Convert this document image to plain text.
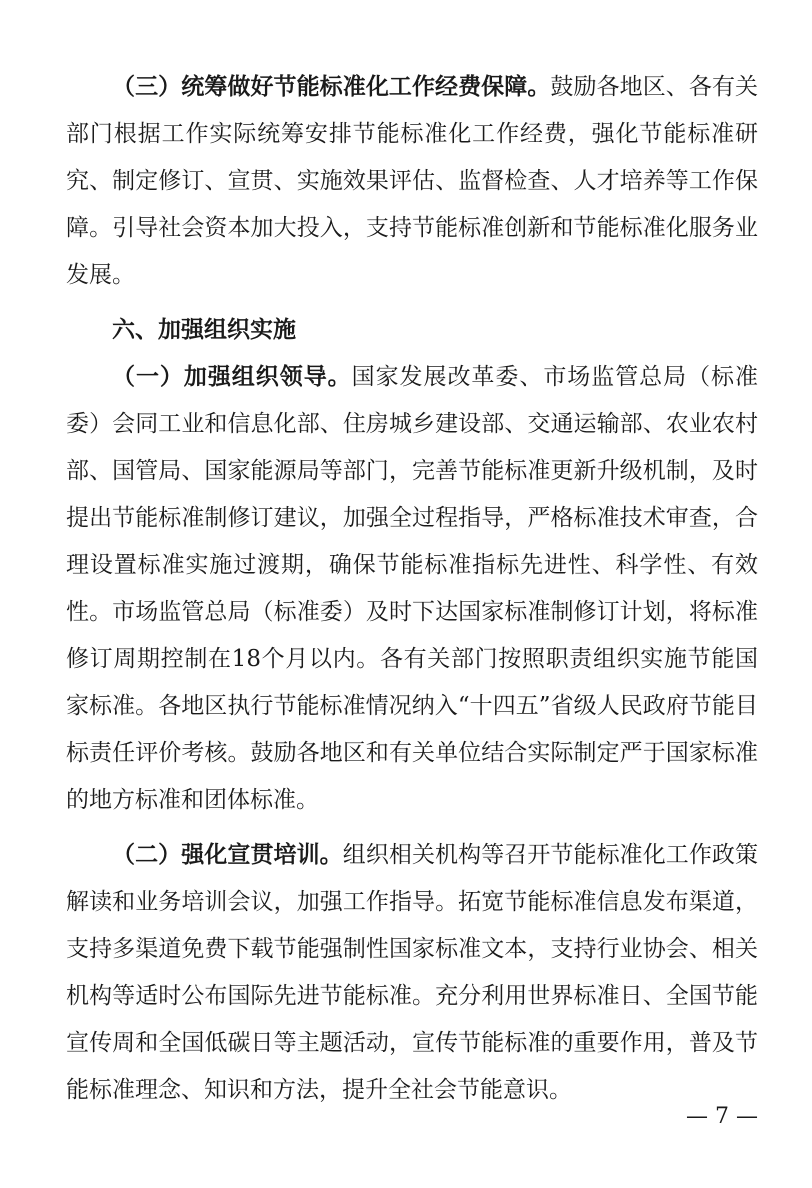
（三）统筹做好节能标准化工作经费保障。鼓励各地区、各有关部门根据工作实际统筹安排节能标准化工作经费，强化节能标准研究、制定修订、宣贯、实施效果评估、监督检查、人才培养等工作保障。引导社会资本加大投入，支持节能标准创新和节能标准化服务业发展。

六、加强组织实施

（一）加强组织领导。国家发展改革委、市场监管总局（标准委）会同工业和信息化部、住房城乡建设部、交通运输部、农业农村部、国管局、国家能源局等部门，完善节能标准更新升级机制，及时提出节能标准制修订建议，加强全过程指导，严格标准技术审查，合理设置标准实施过渡期，确保节能标准指标先进性、科学性、有效性。市场监管总局（标准委）及时下达国家标准制修订计划，将标准修订周期控制在18个月以内。各有关部门按照职责组织实施节能国家标准。各地区执行节能标准情况纳入“十四五”省级人民政府节能目标责任评价考核。鼓励各地区和有关单位结合实际制定严于国家标准的地方标准和团体标准。

（二）强化宣贯培训。组织相关机构等召开节能标准化工作政策解读和业务培训会议，加强工作指导。拓宽节能标准信息发布渠道，支持多渠道免费下载节能强制性国家标准文本，支持行业协会、相关机构等适时公布国际先进节能标准。充分利用世界标准日、全国节能宣传周和全国低碳日等主题活动，宣传节能标准的重要作用，普及节能标准理念、知识和方法，提升全社会节能意识。

— 7 —
